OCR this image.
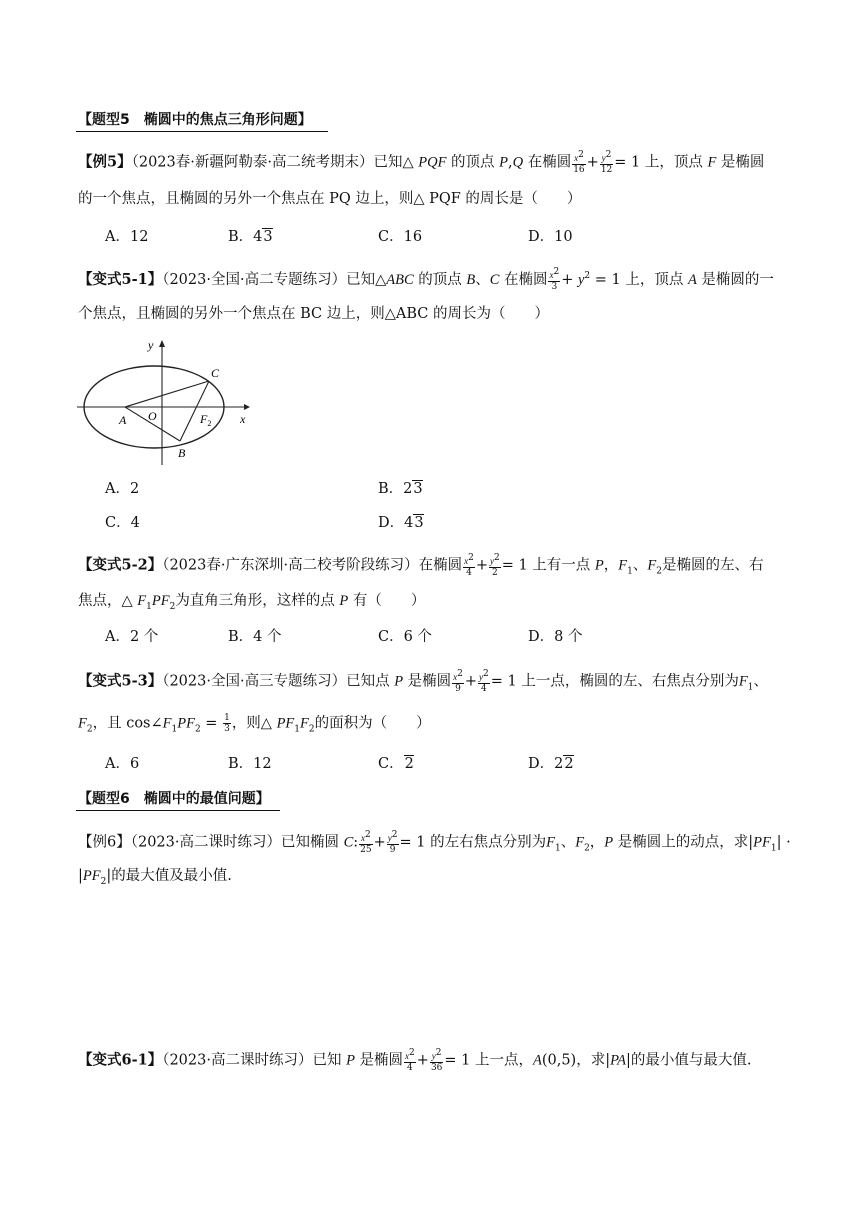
【题型5　椭圆中的焦点三角形问题】
【例5】（2023春·新疆阿勒泰·高二统考期末）已知△ PQF 的顶点 P,Q 在椭圆 $\frac{x^2}{16} + \frac{y^2}{12} = 1$ 上，顶点 F 是椭圆
的一个焦点，且椭圆的另外一个焦点在 PQ 边上，则△ PQF 的周长是（　　）
A．12	B．43	C．16	D．10
【变式5-1】（2023·全国·高二专题练习）已知△ABC 的顶点 B、C 在椭圆 $\frac{x^2}{3} + y^2 = 1$ 上，顶点 A 是椭圆的一
个焦点，且椭圆的另外一个焦点在 BC 边上，则△ABC 的周长为（　　）
y
x
C
O
A	$F_2$
B
A．2	B．23
C．4	D．43
【变式5-2】（2023春·广东深圳·高二校考阶段练习）在椭圆 $\frac{x^2}{4} + \frac{y^2}{2} = 1$ 上有一点 P，$F_1$、$F_2$是椭圆的左、右
焦点，△ $F_1PF_2$为直角三角形，这样的点 P 有（　　）
A．2 个	B．4 个	C．6 个	D．8 个
【变式5-3】（2023·全国·高三专题练习）已知点 P 是椭圆 $\frac{x^2}{9} + \frac{y^2}{4} = 1$ 上一点，椭圆的左、右焦点分别为$F_1$、
$F_2$，且 $\cos\angle F_1PF_2 = \frac{1}{3}$ ，则△ $PF_1F_2$的面积为（　　）
A．6	B．12	C．2	D．22
【题型6　椭圆中的最值问题】
【例6】（2023·高二课时练习）已知椭圆 C: $\frac{x^2}{25} + \frac{y^2}{9} = 1$ 的左右焦点分别为$F_1$、$F_2$，P 是椭圆上的动点，求$|PF_1|$ ·
$|PF_2|$的最大值及最小值.
【变式6-1】（2023·高二课时练习）已知 P 是椭圆 $\frac{x^2}{4} + \frac{y^2}{36} = 1$ 上一点，A(0,5)，求|PA|的最小值与最大值.
